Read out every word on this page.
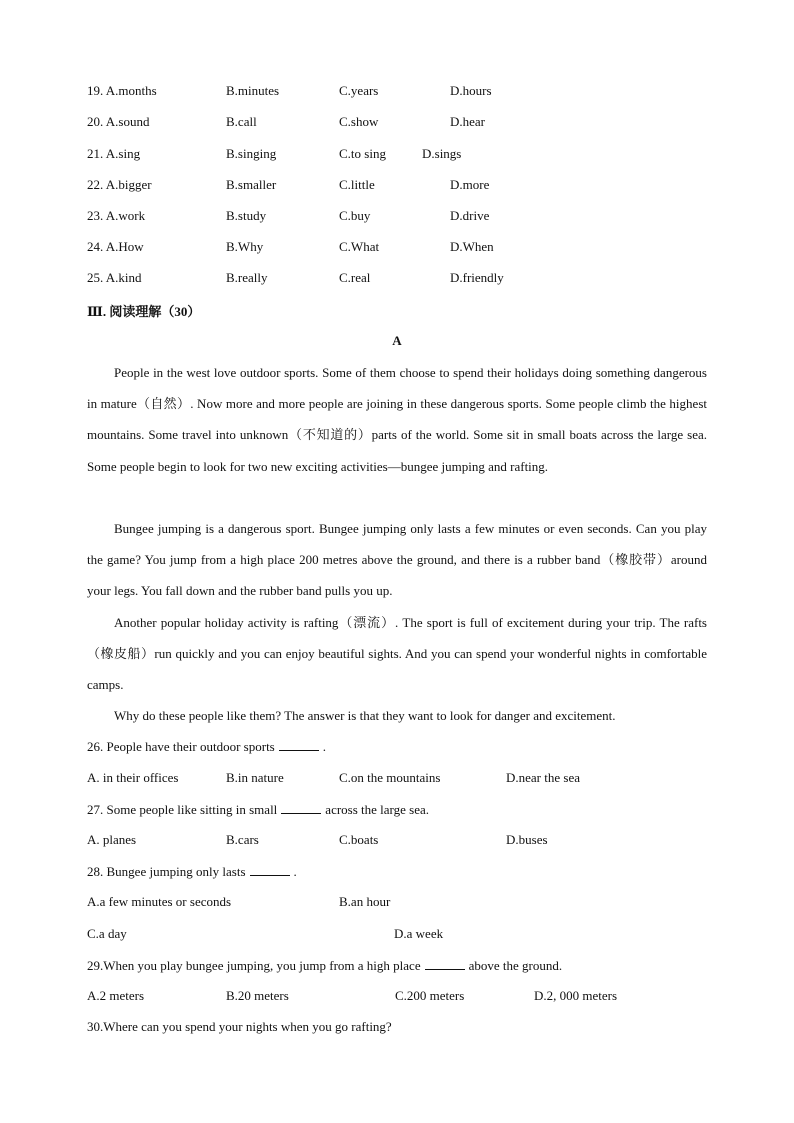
19. A.months	B.minutes	C.years	D.hours
20. A.sound	B.call	C.show	D.hear
21. A.sing	B.singing	C.to sing	D.sings
22. A.bigger	B.smaller	C.little	D.more
23. A.work	B.study	C.buy	D.drive
24. A.How	B.Why	C.What	D.When
25. A.kind	B.really	C.real	D.friendly
Ⅲ. 阅读理解（30）
A
People in the west love outdoor sports. Some of them choose to spend their holidays doing something dangerous in mature（自然）. Now more and more people are joining in these dangerous sports. Some people climb the highest mountains. Some travel into unknown（不知道的）parts of the world. Some sit in small boats across the large sea. Some people begin to look for two new exciting activities—bungee jumping and rafting.
Bungee jumping is a dangerous sport. Bungee jumping only lasts a few minutes or even seconds. Can you play the game? You jump from a high place 200 metres above the ground, and there is a rubber band（橡胶带）around your legs. You fall down and the rubber band pulls you up.
Another popular holiday activity is rafting（漂流）. The sport is full of excitement during your trip. The rafts（橡皮船）run quickly and you can enjoy beautiful sights. And you can spend your wonderful nights in comfortable camps.
Why do these people like them? The answer is that they want to look for danger and excitement.
26. People have their outdoor sports	.
A. in their offices	B.in nature	C.on the mountains	D.near the sea
27. Some people like sitting in small	across the large sea.
A. planes	B.cars	C.boats	D.buses
28. Bungee jumping only lasts	.
A.a few minutes or seconds	B.an hour
C.a day	D.a week
29.When you play bungee jumping, you jump from a high place	above the ground.
A.2 meters	B.20 meters	C.200 meters	D.2, 000 meters
30.Where can you spend your nights when you go rafting?
